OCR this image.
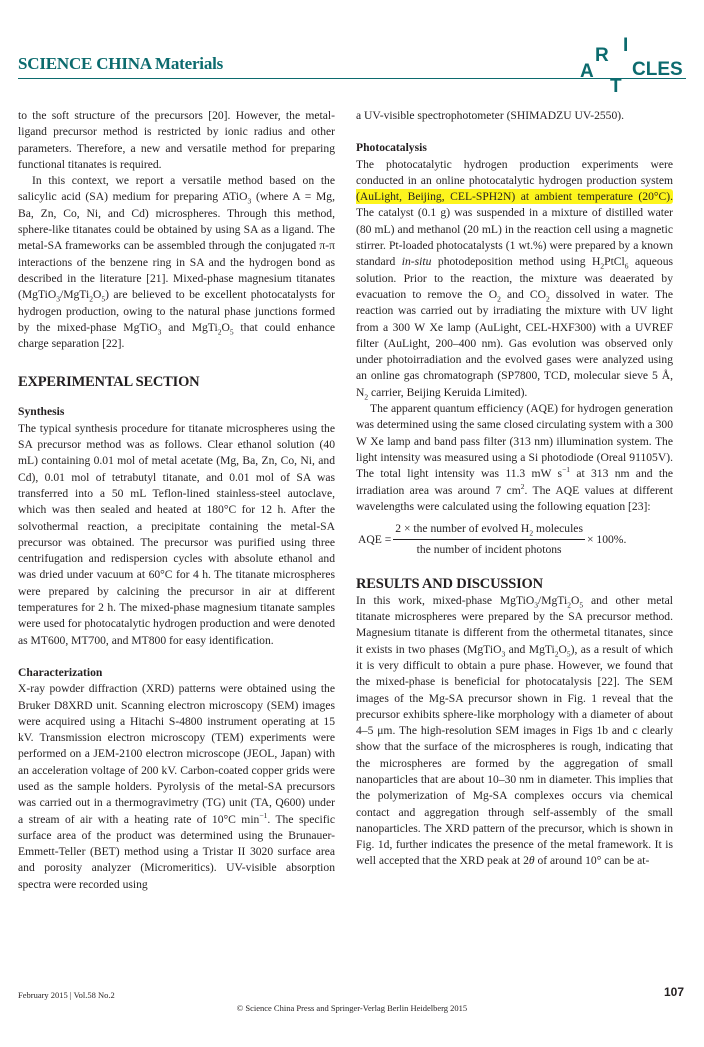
SCIENCE CHINA Materials	A
R
T
I
CLES

to the soft structure of the precursors [20]. However, the metal-ligand precursor method is restricted by ionic radius and other parameters. Therefore, a new and versatile method for preparing functional titanates is required.

In this context, we report a versatile method based on the salicylic acid (SA) medium for preparing ATiO$_3$ (where A = Mg, Ba, Zn, Co, Ni, and Cd) microspheres. Through this method, sphere-like titanates could be obtained by using SA as a ligand. The metal-SA frameworks can be assembled through the conjugated π-π interactions of the benzene ring in SA and the hydrogen bond as described in the literature [21]. Mixed-phase magnesium titanates $(MgTiO_3/MgTi_2O_5)$ are believed to be excellent photocatalysts for hydrogen production, owing to the natural phase junctions formed by the mixed-phase MgTiO$_3$ and $MgTi_2O_5$ that could enhance charge separation [22].

EXPERIMENTAL SECTION
Synthesis

The typical synthesis procedure for titanate microspheres using the SA precursor method was as follows. Clear ethanol solution (40 mL) containing 0.01 mol of metal acetate (Mg, Ba, Zn, Co, Ni, and Cd), 0.01 mol of tetrabutyl titanate, and 0.01 mol of SA was transferred into a 50 mL Teflon-lined stainless-steel autoclave, which was then sealed and heated at 180°C for 12 h. After the solvothermal reaction, a precipitate containing the metal-SA precursor was obtained. The precursor was purified using three centrifugation and redispersion cycles with absolute ethanol and was dried under vacuum at 60°C for 4 h. The titanate microspheres were prepared by calcining the precursor in air at different temperatures for 2 h. The mixed-phase magnesium titanate samples were used for photocatalytic hydrogen production and were denoted as MT600, MT700, and MT800 for easy identification.

Characterization

X-ray powder diffraction (XRD) patterns were obtained using the Bruker D8XRD unit. Scanning electron microscopy (SEM) images were acquired using a Hitachi S-4800 instrument operating at 15 kV. Transmission electron microscopy (TEM) experiments were performed on a JEM-2100 electron microscope (JEOL, Japan) with an acceleration voltage of 200 kV. Carbon-coated copper grids were used as the sample holders. Pyrolysis of the metal-SA precursors was carried out in a thermogravimetry (TG) unit (TA, Q600) under a stream of air with a heating rate of 10°C $\min^{-1}$. The specific surface area of the product was determined using the Brunauer-Emmett-Teller (BET) method using a Tristar II 3020 surface area and porosity analyzer (Micromeritics). UV-visible absorption spectra were recorded using

a UV-visible spectrophotometer (SHIMADZU UV-2550).

Photocatalysis

The photocatalytic hydrogen production experiments were conducted in an online photocatalytic hydrogen production system (AuLight, Beijing, CEL-SPH2N) at ambient temperature (20°C). The catalyst (0.1 g) was suspended in a mixture of distilled water (80 mL) and methanol (20 mL) in the reaction cell using a magnetic stirrer. Pt-loaded photocatalysts (1 wt.%) were prepared by a known standard in-situ photodeposition method using $H_2PtCl_6$ aqueous solution. Prior to the reaction, the mixture was deaerated by evacuation to remove the $O_2$ and $CO_2$ dissolved in water. The reaction was carried out by irradiating the mixture with UV light from a 300 W Xe lamp (AuLight, CEL-HXF300) with a UVREF filter (AuLight, 200–400 nm). Gas evolution was observed only under photoirradiation and the evolved gases were analyzed using an online gas chromatograph (SP7800, TCD, molecular sieve 5 Å, $N_2$ carrier, Beijing Keruida Limited).

The apparent quantum efficiency (AQE) for hydrogen generation was determined using the same closed circulating system with a 300 W Xe lamp and band pass filter (313 nm) illumination system. The light intensity was measured using a Si photodiode (Oreal 91105V). The total light intensity was 11.3 mW $s^{-1}$ at 313 nm and the irradiation area was around 7 $cm^2$. The AQE values at different wavelengths were calculated using the following equation [23]:

AQE = $\frac{2 \times the number of evolved H_2 molecules}{\text{the number of incident photons}} \times 100\%$.
RESULTS AND DISCUSSION

In this work, mixed-phase $MgTiO_3/MgTi_2O_5$ and other metal titanate microspheres were prepared by the SA precursor method. Magnesium titanate is different from the othermetal titanates, since it exists in two phases (MgTiO$_3$ and $MgTi_2O_5$), as a result of which it is very difficult to obtain a pure phase. However, we found that the mixed-phase is beneficial for photocatalysis [22]. The SEM images of the Mg-SA precursor shown in Fig. 1 reveal that the precursor exhibits sphere-like morphology with a diameter of about 4–5 μm. The high-resolution SEM images in Figs 1b and c clearly show that the surface of the microspheres is rough, indicating that the microspheres are formed by the aggregation of small nanoparticles that are about 10–30 nm in diameter. This implies that the polymerization of Mg-SA complexes occurs via chemical contact and aggregation through self-assembly of the small nanoparticles. The XRD pattern of the precursor, which is shown in Fig. 1d, further indicates the presence of the metal framework. It is well accepted that the XRD peak at 2θ of around 10° can be at-

February 2015 | Vol.58 No.2
© Science China Press and Springer-Verlag Berlin Heidelberg 2015
107
